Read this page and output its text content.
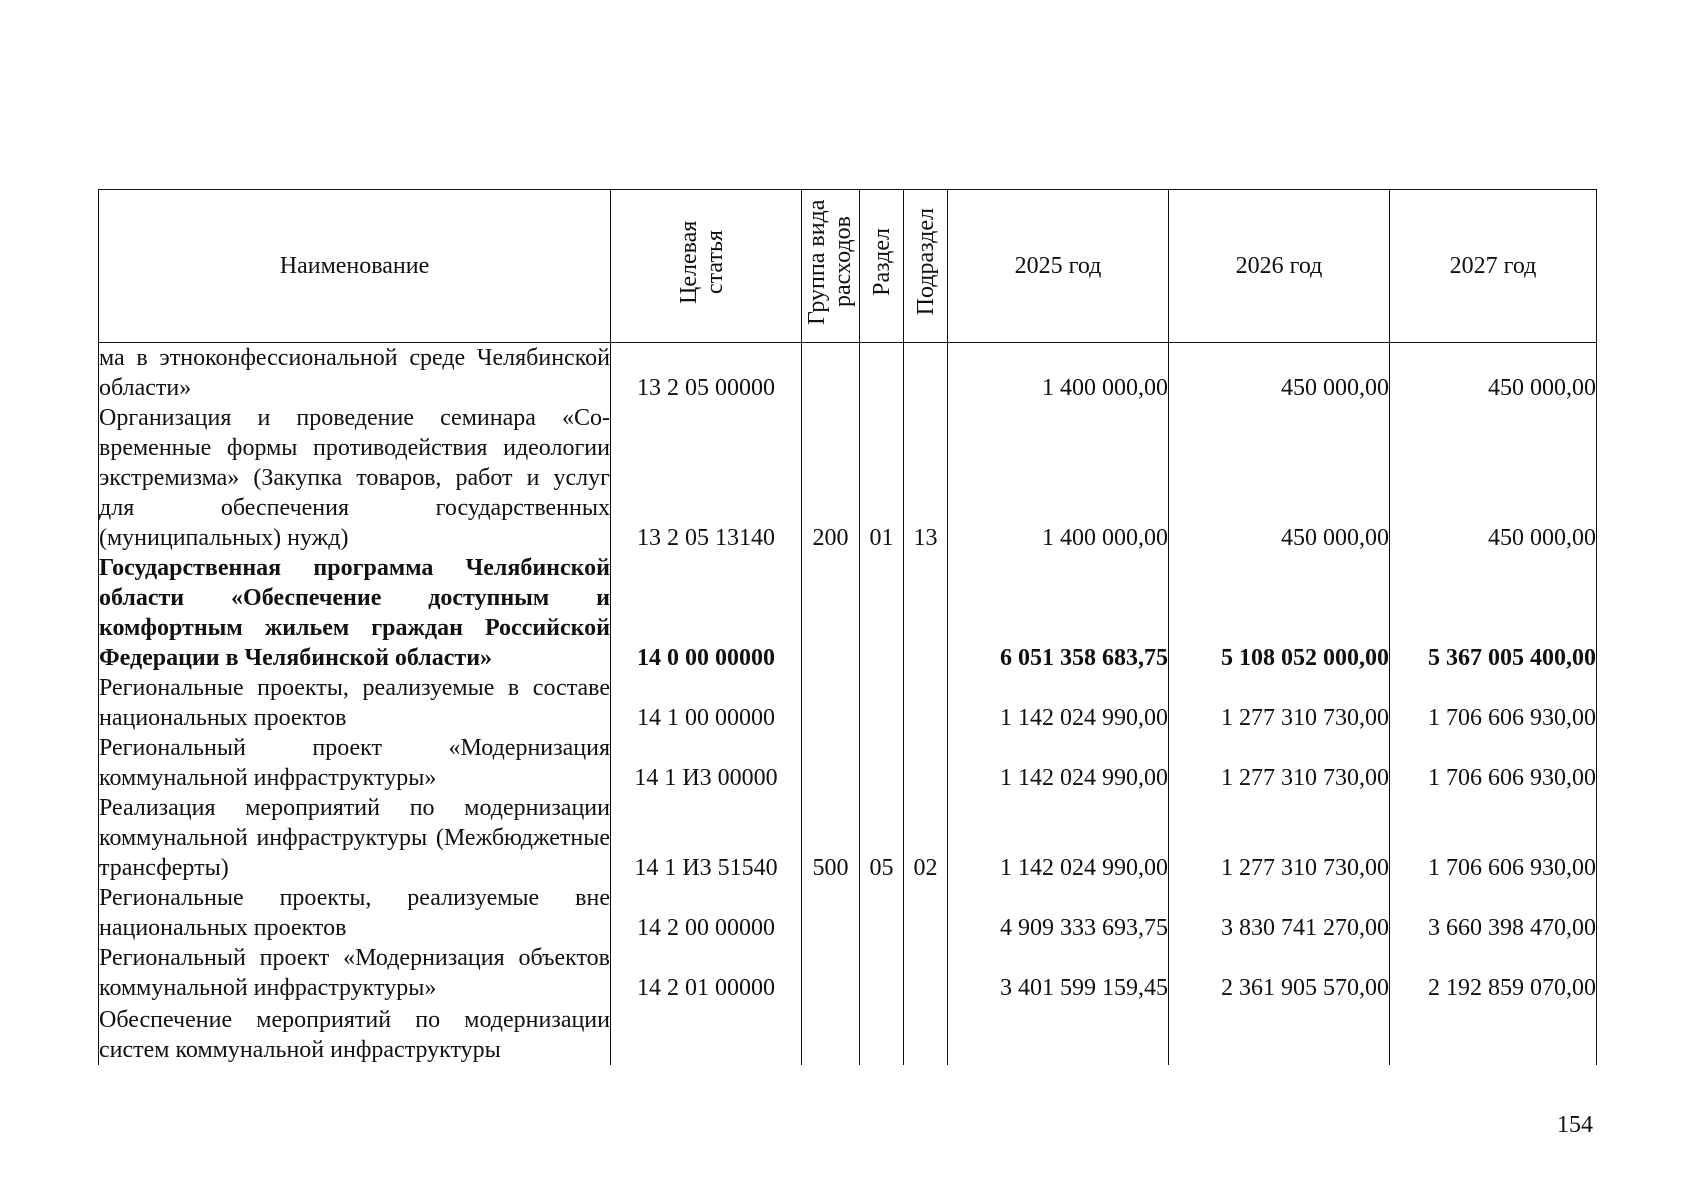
Наименование	Целевая статья	Группа вида расходов	Раздел	Подраздел	2025 год	2026 год	2027 год
ма в этноконфессиональной среде Челябинской области»	13 2 05 00000				1 400 000,00	450 000,00	450 000,00
Организация и проведение семинара «Современные формы противодействия идеологии экстремизма» (Закупка товаров, работ и услуг для обеспечения государственных (муниципальных) нужд)	13 2 05 13140	200	01	13	1 400 000,00	450 000,00	450 000,00
Государственная программа Челябинской области «Обеспечение доступным и комфортным жильем граждан Российской Федерации в Челябинской области»	14 0 00 00000				6 051 358 683,75	5 108 052 000,00	5 367 005 400,00
Региональные проекты, реализуемые в составе национальных проектов	14 1 00 00000				1 142 024 990,00	1 277 310 730,00	1 706 606 930,00
Региональный проект «Модернизация коммунальной инфраструктуры»	14 1 И3 00000				1 142 024 990,00	1 277 310 730,00	1 706 606 930,00
Реализация мероприятий по модернизации коммунальной инфраструктуры (Межбюджетные трансферты)	14 1 И3 51540	500	05	02	1 142 024 990,00	1 277 310 730,00	1 706 606 930,00
Региональные проекты, реализуемые вне национальных проектов	14 2 00 00000				4 909 333 693,75	3 830 741 270,00	3 660 398 470,00
Региональный проект «Модернизация объектов коммунальной инфраструктуры»	14 2 01 00000				3 401 599 159,45	2 361 905 570,00	2 192 859 070,00
Обеспечение мероприятий по модернизации систем коммунальной инфраструктуры							
154
